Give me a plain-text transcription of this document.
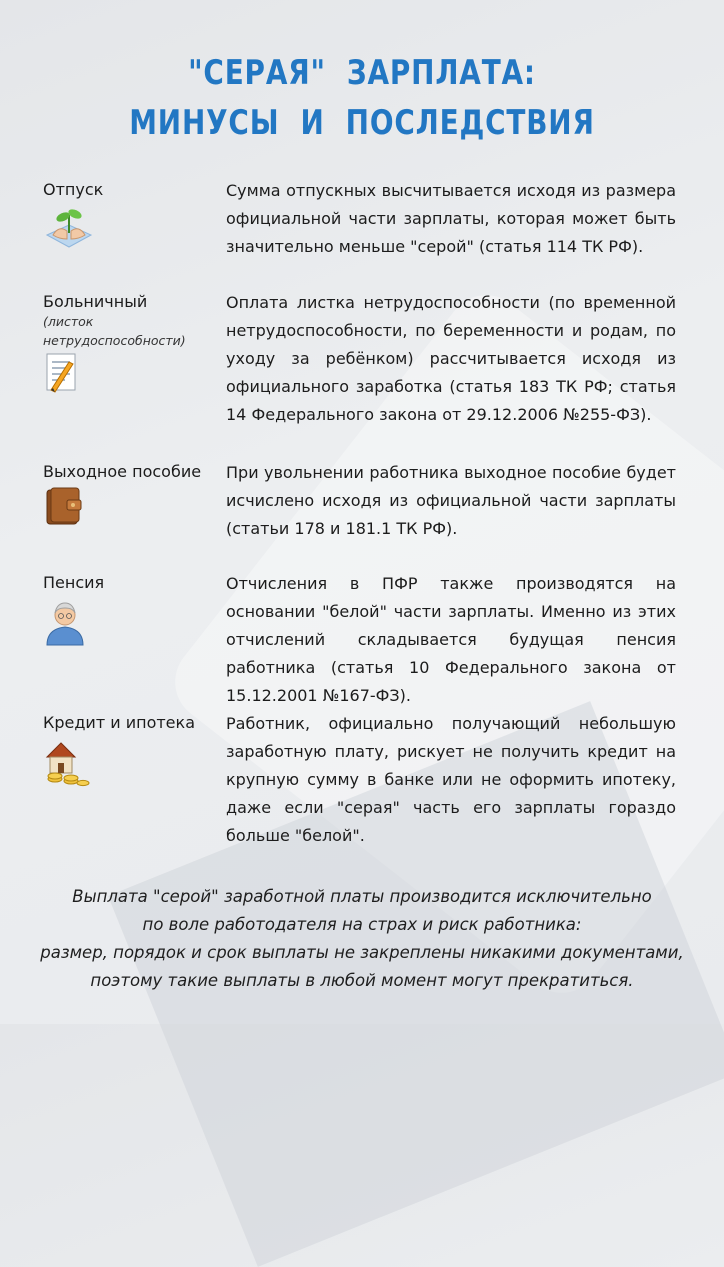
"СЕРАЯ"  ЗАРПЛАТА:
МИНУСЫ  И  ПОСЛЕДСТВИЯ
Отпуск	Сумма отпускных высчитывается исходя из размера официальной части зарплаты, которая может быть значительно меньше "серой" (статья 114 ТК РФ).
Больничный
(листок нетрудоспособности)
Оплата листка нетрудоспособности (по временной нетрудоспособности, по беременности и родам, по уходу за ребёнком) рассчитывается исходя из официального заработка (статья 183 ТК РФ; статья 14 Федерального закона от 29.12.2006 №255-ФЗ).
Выходное пособие При увольнении работника выходное пособие будет исчислено исходя из официальной части зарплаты (статьи 178 и 181.1 ТК РФ).
Пенсия	Отчисления в ПФР также производятся на основании "белой" части зарплаты. Именно из этих отчислений складывается будущая пенсия работника (статья 10 Федерального закона от 15.12.2001 №167-ФЗ).
Кредит и ипотека Работник, официально получающий небольшую заработную плату, рискует не получить кредит на крупную сумму в банке или не оформить ипотеку, даже если "серая" часть его зарплаты гораздо больше "белой".
Выплата "серой" заработной платы производится исключительно
по воле работодателя на страх и риск работника:
размер, порядок и срок выплаты не закреплены никакими документами,
поэтому такие выплаты в любой момент могут прекратиться.
